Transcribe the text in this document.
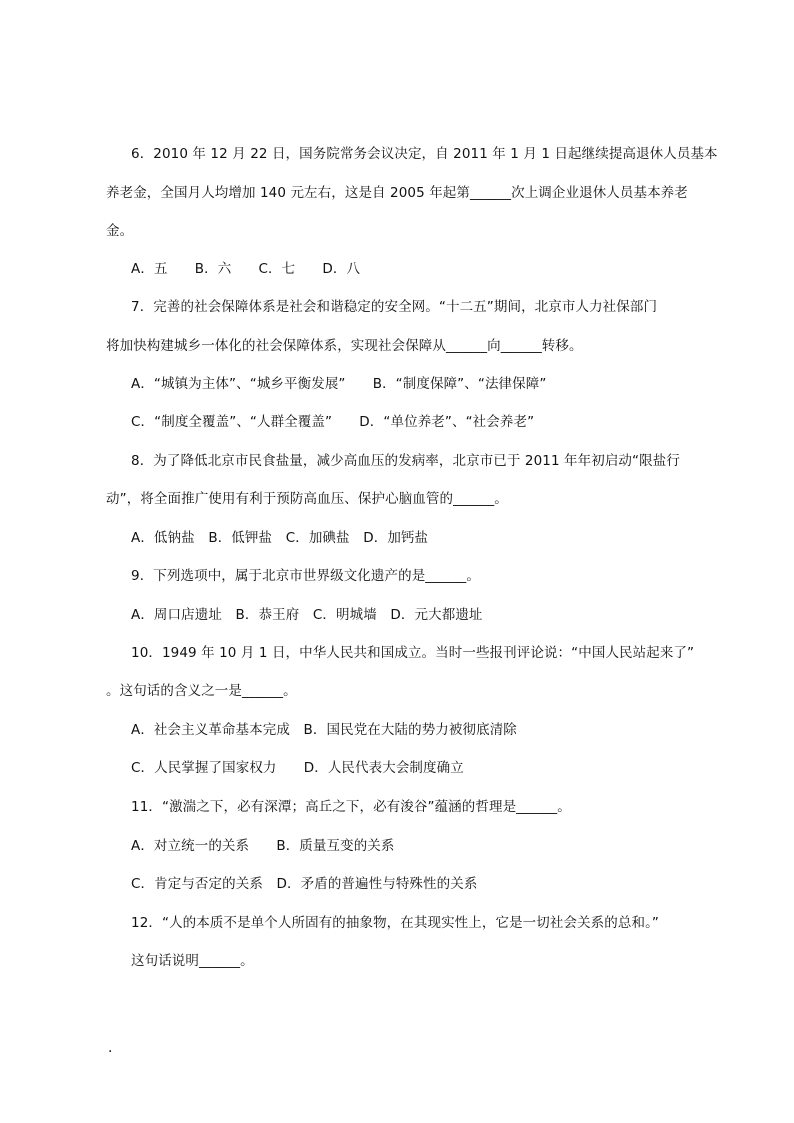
6．2010 年 12 月 22 日，国务院常务会议决定，自 2011 年 1 月 1 日起继续提高退休人员基本
养老金，全国月人均增加 140 元左右，这是自 2005 年起第______次上调企业退休人员基本养老
金。
A．五　　B．六　　C．七　　D．八
7．完善的社会保障体系是社会和谐稳定的安全网。“十二五”期间，北京市人力社保部门
将加快构建城乡一体化的社会保障体系，实现社会保障从______向______转移。
A．“城镇为主体”、“城乡平衡发展”　　B．“制度保障”、“法律保障”
C．“制度全覆盖”、“人群全覆盖”　　D．“单位养老”、“社会养老”
8．为了降低北京市民食盐量，减少高血压的发病率，北京市已于 2011 年年初启动“限盐行
动”，将全面推广使用有利于预防高血压、保护心脑血管的______。
A．低钠盐　B．低钾盐　C．加碘盐　D．加钙盐
9．下列选项中，属于北京市世界级文化遗产的是______。
A．周口店遗址　B．恭王府　C．明城墙　D．元大都遗址
10．1949 年 10 月 1 日，中华人民共和国成立。当时一些报刊评论说：“中国人民站起来了”
。这句话的含义之一是______。
A．社会主义革命基本完成　B．国民党在大陆的势力被彻底清除
C．人民掌握了国家权力　　D．人民代表大会制度确立
11．“激湍之下，必有深潭；高丘之下，必有浚谷”蕴涵的哲理是______。
A．对立统一的关系　　B．质量互变的关系
C．肯定与否定的关系　D．矛盾的普遍性与特殊性的关系
12．“人的本质不是单个人所固有的抽象物，在其现实性上，它是一切社会关系的总和。”
这句话说明______。
.
